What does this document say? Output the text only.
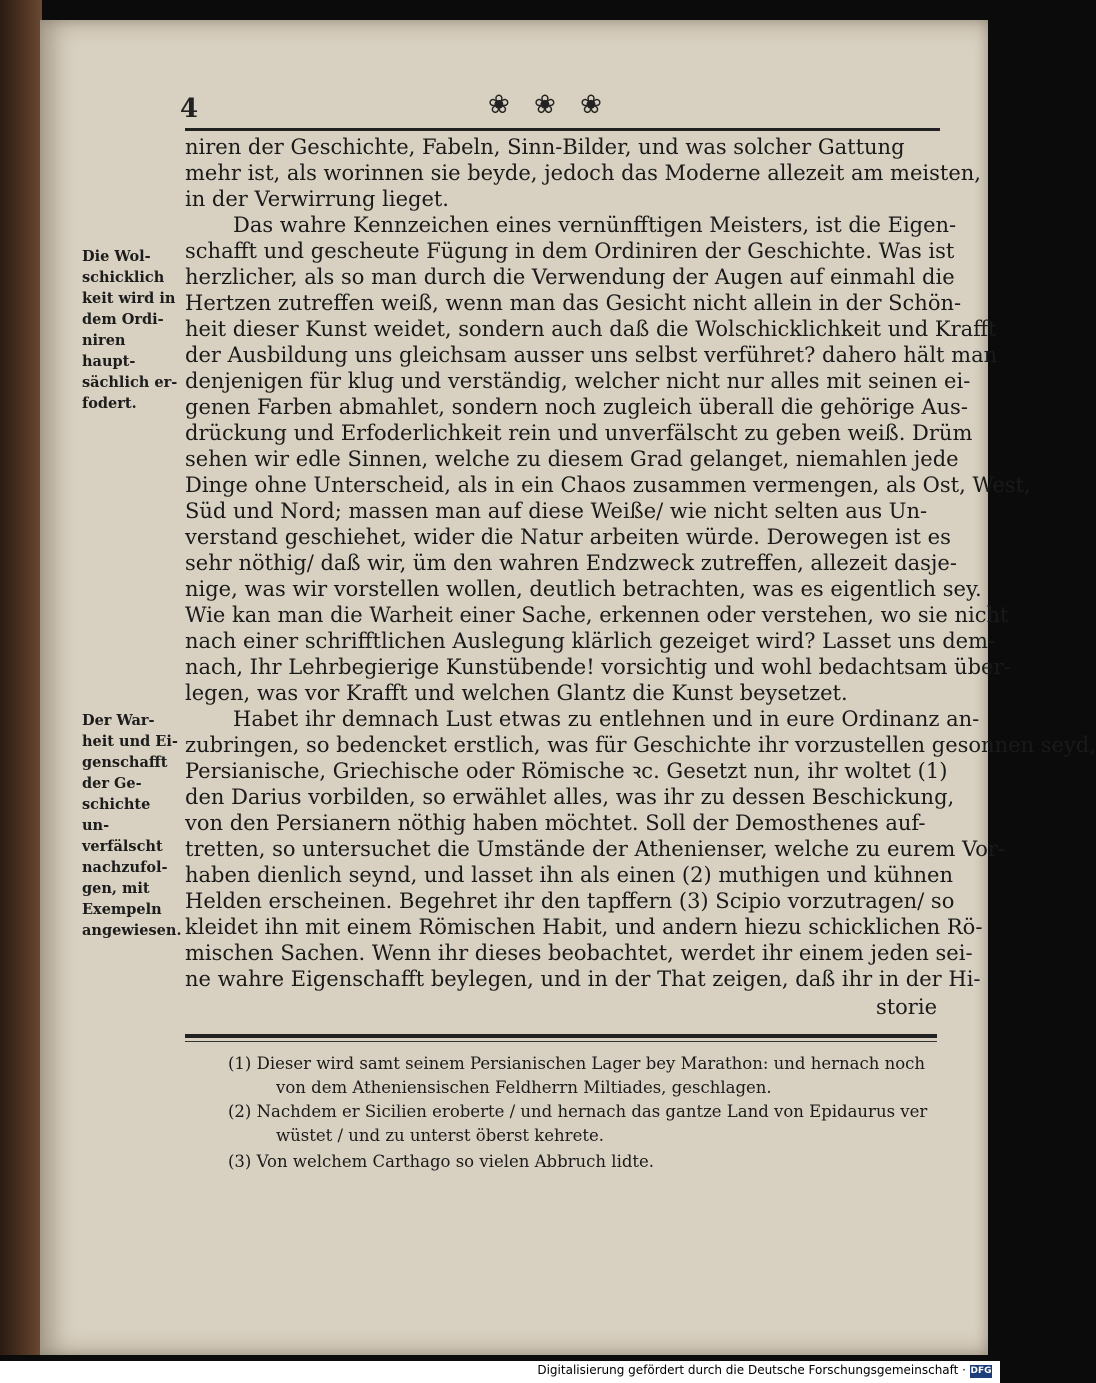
4	❀ ❀ ❀
Die Wol- schicklich keit wird in dem Ordi- niren haupt- sächlich er- fodert.
Der War- heit und Ei- genschafft der Ge- schichte un- verfälscht nachzufol- gen, mit Exempeln angewiesen.
niren der Geschichte, Fabeln, Sinn-Bilder, und was solcher Gattung
mehr ist, als worinnen sie beyde, jedoch das Moderne allezeit am meisten,
in der Verwirrung lieget.
Das wahre Kennzeichen eines vernünfftigen Meisters, ist die Eigen-
schafft und gescheute Fügung in dem Ordiniren der Geschichte. Was ist
herzlicher, als so man durch die Verwendung der Augen auf einmahl die
Hertzen zutreffen weiß, wenn man das Gesicht nicht allein in der Schön-
heit dieser Kunst weidet, sondern auch daß die Wolschicklichkeit und Krafft
der Ausbildung uns gleichsam ausser uns selbst verführet? dahero hält man
denjenigen für klug und verständig, welcher nicht nur alles mit seinen ei-
genen Farben abmahlet, sondern noch zugleich überall die gehörige Aus-
drückung und Erfoderlichkeit rein und unverfälscht zu geben weiß. Drüm
sehen wir edle Sinnen, welche zu diesem Grad gelanget, niemahlen jede
Dinge ohne Unterscheid, als in ein Chaos zusammen vermengen, als Ost, West,
Süd und Nord; massen man auf diese Weiße/ wie nicht selten aus Un-
verstand geschiehet, wider die Natur arbeiten würde. Derowegen ist es
sehr nöthig/ daß wir, üm den wahren Endzweck zutreffen, allezeit dasje-
nige, was wir vorstellen wollen, deutlich betrachten, was es eigentlich sey.
Wie kan man die Warheit einer Sache, erkennen oder verstehen, wo sie nicht
nach einer schrifftlichen Auslegung klärlich gezeiget wird? Lasset uns dem-
nach, Ihr Lehrbegierige Kunstübende! vorsichtig und wohl bedachtsam über-
legen, was vor Krafft und welchen Glantz die Kunst beysetzet.
Habet ihr demnach Lust etwas zu entlehnen und in eure Ordinanz an-
zubringen, so bedencket erstlich, was für Geschichte ihr vorzustellen gesonnen seyd,
Persianische, Griechische oder Römische ꝛc. Gesetzt nun, ihr woltet (1)
den Darius vorbilden, so erwählet alles, was ihr zu dessen Beschickung,
von den Persianern nöthig haben möchtet. Soll der Demosthenes auf-
tretten, so untersuchet die Umstände der Athenienser, welche zu eurem Vor-
haben dienlich seynd, und lasset ihn als einen (2) muthigen und kühnen
Helden erscheinen. Begehret ihr den tapffern (3) Scipio vorzutragen/ so
kleidet ihn mit einem Römischen Habit, und andern hiezu schicklichen Rö-
mischen Sachen. Wenn ihr dieses beobachtet, werdet ihr einem jeden sei-
ne wahre Eigenschafft beylegen, und in der That zeigen, daß ihr in der Hi-
storie
(1) Dieser wird samt seinem Persianischen Lager bey Marathon: und hernach noch
von dem Atheniensischen Feldherrn Miltiades, geschlagen.
(2) Nachdem er Sicilien eroberte / und hernach das gantze Land von Epidaurus ver
wüstet / und zu unterst öberst kehrete.
(3) Von welchem Carthago so vielen Abbruch lidte.
Digitalisierung gefördert durch die Deutsche Forschungsgemeinschaft · DFG
